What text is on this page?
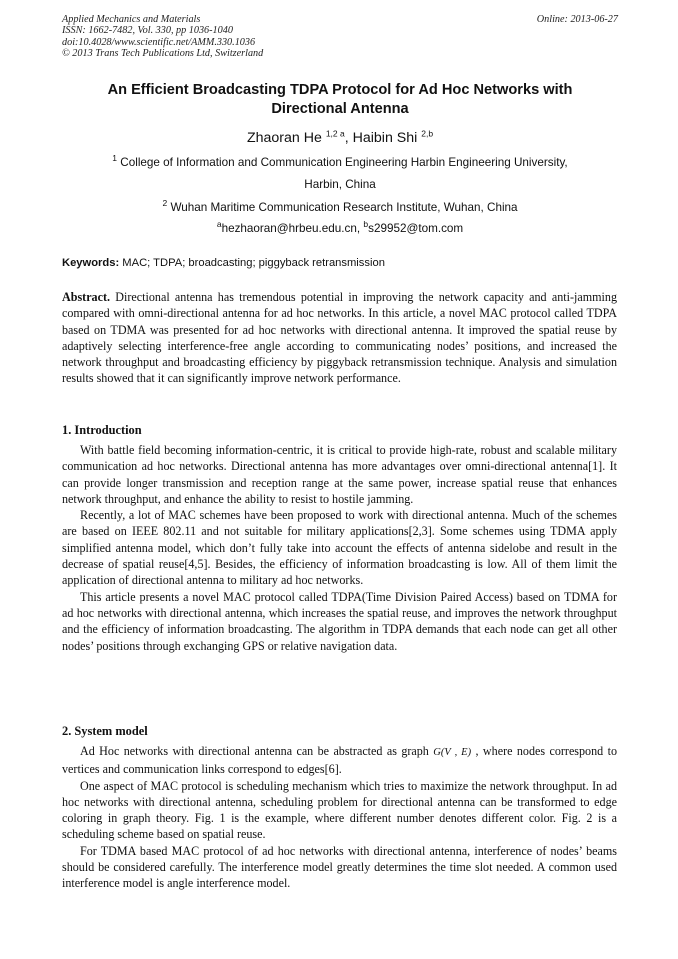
Applied Mechanics and Materials
ISSN: 1662-7482, Vol. 330, pp 1036-1040
doi:10.4028/www.scientific.net/AMM.330.1036
© 2013 Trans Tech Publications Ltd, Switzerland
Online: 2013-06-27
An Efficient Broadcasting TDPA Protocol for Ad Hoc Networks with
Directional Antenna
Zhaoran He $^{1,2 a}$, Haibin Shi $^{2,b}$
$^1$ College of Information and Communication Engineering Harbin Engineering University,
Harbin, China
$^2$ Wuhan Maritime Communication Research Institute, Wuhan, China
$^a$hezhaoran@hrbeu.edu.cn, $^b$s29952@tom.com
Keywords: MAC; TDPA; broadcasting; piggyback retransmission

Abstract. Directional antenna has tremendous potential in improving the network capacity and anti-jamming compared with omni-directional antenna for ad hoc networks. In this article, a novel MAC protocol called TDPA based on TDMA was presented for ad hoc networks with directional antenna. It improved the spatial reuse by adaptively selecting interference-free angle according to communicating nodes’ positions, and increased the network throughput and broadcasting efficiency by piggyback retransmission technique. Analysis and simulation results showed that it can significantly improve network performance.

1. Introduction

With battle field becoming information-centric, it is critical to provide high-rate, robust and scalable military communication ad hoc networks. Directional antenna has more advantages over omni-directional antenna[1]. It can provide longer transmission and reception range at the same power, increase spatial reuse that enhances network throughput, and enhance the ability to resist to hostile jamming.

Recently, a lot of MAC schemes have been proposed to work with directional antenna. Much of the schemes are based on IEEE 802.11 and not suitable for military applications[2,3]. Some schemes using TDMA apply simplified antenna model, which don’t fully take into account the effects of antenna sidelobe and result in the decrease of spatial reuse[4,5]. Besides, the efficiency of information broadcasting is low. All of them limit the application of directional antenna to military ad hoc networks.

This article presents a novel MAC protocol called TDPA(Time Division Paired Access) based on TDMA for ad hoc networks with directional antenna, which increases the spatial reuse, and improves the network throughput and the efficiency of information broadcasting. The algorithm in TDPA demands that each node can get all other nodes’ positions through exchanging GPS or relative navigation data.

2. System model

Ad Hoc networks with directional antenna can be abstracted as graph G(V , E) , where nodes correspond to vertices and communication links correspond to edges[6].

One aspect of MAC protocol is scheduling mechanism which tries to maximize the network throughput. In ad hoc networks with directional antenna, scheduling problem for directional antenna can be transformed to edge coloring in graph theory. Fig. 1 is the example, where different number denotes different color. Fig. 2 is a scheduling scheme based on spatial reuse.

For TDMA based MAC protocol of ad hoc networks with directional antenna, interference of nodes’ beams should be considered carefully. The interference model greatly determines the time slot needed. A common used interference model is angle interference model.
